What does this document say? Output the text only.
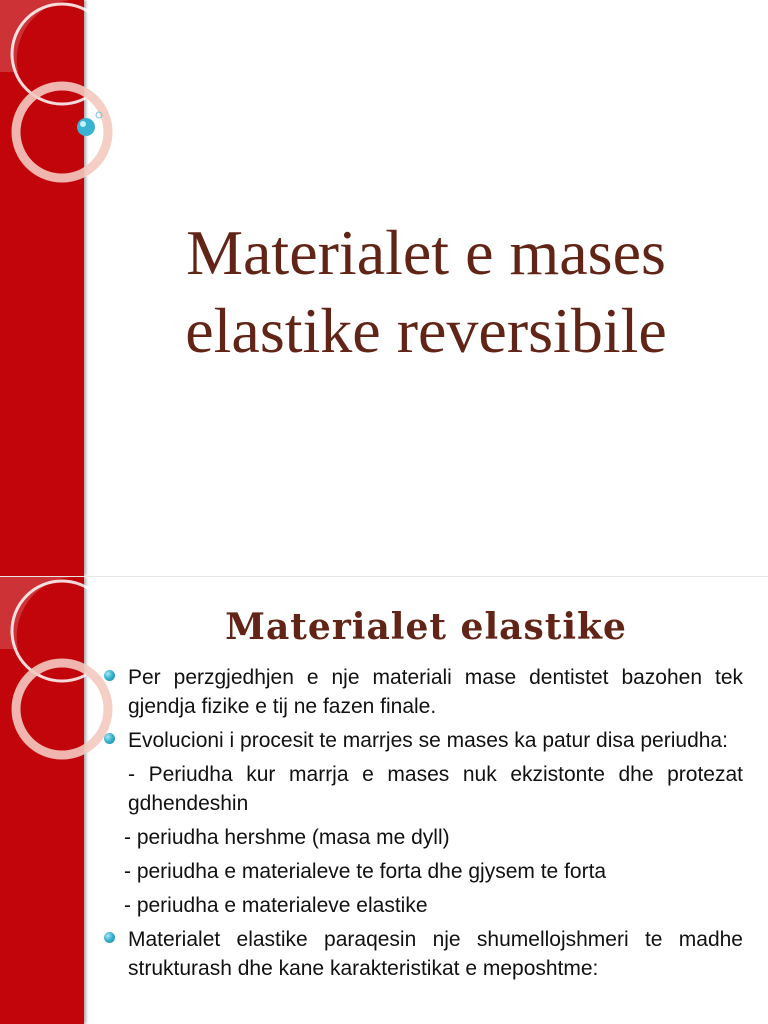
Materialet e mases
elastike reversibile
Materialet elastike
Per perzgjedhjen e nje materiali mase dentistet bazohen tek gjendja fizike e tij ne fazen finale.
Evolucioni i procesit te marrjes se mases ka patur disa periudha:
- Periudha kur marrja e mases nuk ekzistonte dhe protezat gdhendeshin
- periudha hershme (masa me dyll)
- periudha e materialeve te forta dhe gjysem te forta
- periudha e materialeve elastike
Materialet elastike paraqesin nje shumellojshmeri te madhe strukturash dhe kane karakteristikat e meposhtme:
